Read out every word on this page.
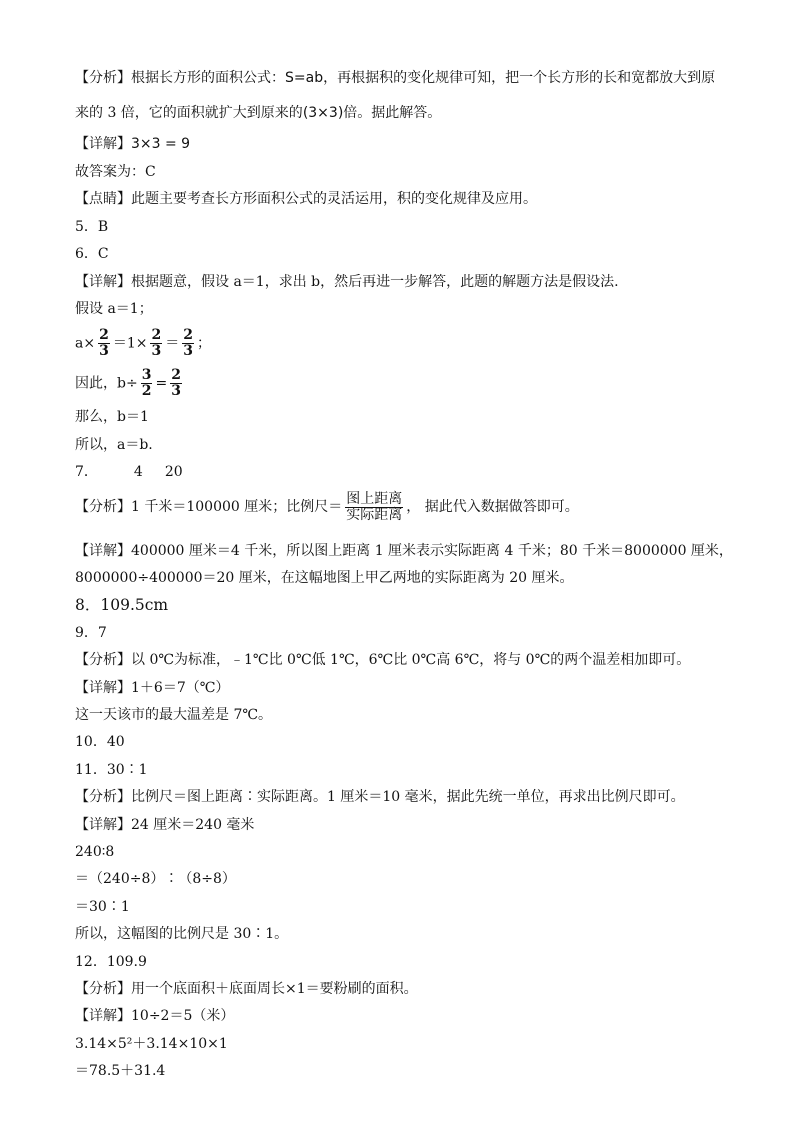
【分析】根据长方形的面积公式：S=ab，再根据积的变化规律可知，把一个长方形的长和宽都放大到原
来的 3 倍，它的面积就扩大到原来的(3×3)倍。据此解答。
【详解】3×3 = 9
故答案为：C
【点睛】此题主要考查长方形面积公式的灵活运用，积的变化规律及应用。
5．B
6．C
【详解】根据题意，假设 a＝1，求出 b，然后再进一步解答，此题的解题方法是假设法.
假设 a＝1；
$a\times \frac{2}{3} =1\times \frac{2}{3} = \frac{2}{3}$ ；
因此，$b\div \frac{3}{2} = \frac{2}{3}$
那么，b＝1
所以，a＝b.
7．	4 20
【分析】1 千米＝100000 厘米；比例尺＝ $\frac{\text{图上距离}}{\text{实际距离}}$ ， 据此代入数据做答即可。
【详解】400000 厘米＝4 千米，所以图上距离 1 厘米表示实际距离 4 千米；80 千米＝8000000 厘米，
8000000÷400000＝20 厘米，在这幅地图上甲乙两地的实际距离为 20 厘米。
8．109.5cm
9．7
【分析】以 0℃为标准，﹣1℃比 0℃低 1℃，6℃比 0℃高 6℃，将与 0℃的两个温差相加即可。
【详解】1＋6＝7（℃）
这一天该市的最大温差是 7℃。
10．40
11．30∶1
【分析】比例尺＝图上距离∶实际距离。1 厘米＝10 毫米，据此先统一单位，再求出比例尺即可。
【详解】24 厘米＝240 毫米
240∶8
＝（240÷8）∶（8÷8）
＝30∶1
所以，这幅图的比例尺是 30∶1。
12．109.9
【分析】用一个底面积＋底面周长×1＝要粉刷的面积。
【详解】10÷2＝5（米）
3.14×5²＋3.14×10×1
＝78.5＋31.4
